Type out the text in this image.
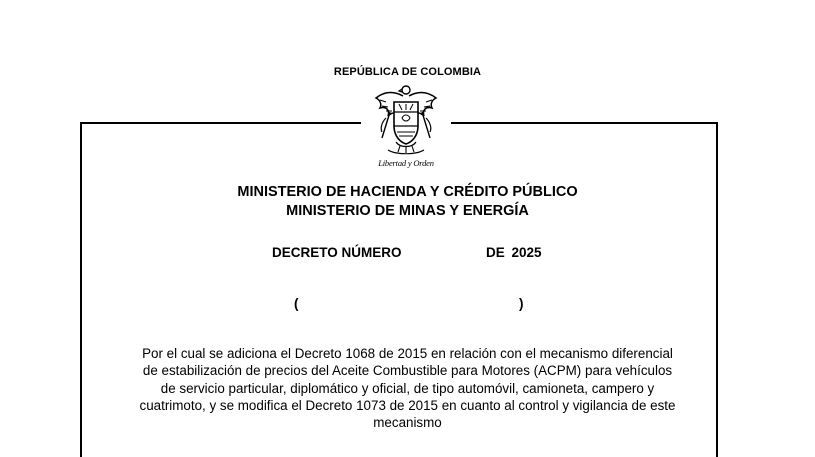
REPÚBLICA DE COLOMBIA
Libertad y Orden
MINISTERIO DE HACIENDA Y CRÉDITO PÚBLICO
MINISTERIO DE MINAS Y ENERGÍA
DECRETO NÚMERO	DE 2025
(	)
Por el cual se adiciona el Decreto 1068 de 2015 en relación con el mecanismo diferencial
de estabilización de precios del Aceite Combustible para Motores (ACPM) para vehículos
de servicio particular, diplomático y oficial, de tipo automóvil, camioneta, campero y
cuatrimoto, y se modifica el Decreto 1073 de 2015 en cuanto al control y vigilancia de este
mecanismo
